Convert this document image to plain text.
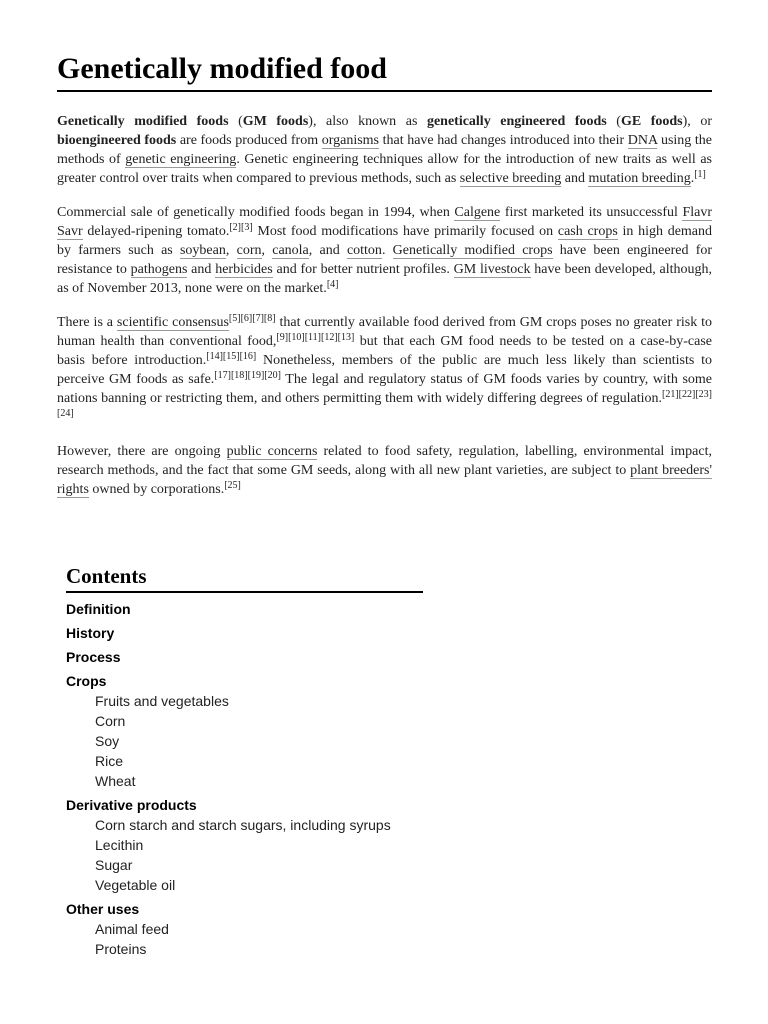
Genetically modified food

Genetically modified foods (GM foods), also known as genetically engineered foods (GE foods), or bioengineered foods are foods produced from organisms that have had changes introduced into their DNA using the methods of genetic engineering. Genetic engineering techniques allow for the introduction of new traits as well as greater control over traits when compared to previous methods, such as selective breeding and mutation breeding.[1]

Commercial sale of genetically modified foods began in 1994, when Calgene first marketed its unsuccessful Flavr Savr delayed-ripening tomato.[2][3] Most food modifications have primarily focused on cash crops in high demand by farmers such as soybean, corn, canola, and cotton. Genetically modified crops have been engineered for resistance to pathogens and herbicides and for better nutrient profiles. GM livestock have been developed, although, as of November 2013, none were on the market.[4]

There is a scientific consensus[5][6][7][8] that currently available food derived from GM crops poses no greater risk to human health than conventional food,[9][10][11][12][13] but that each GM food needs to be tested on a case-by-case basis before introduction.[14][15][16] Nonetheless, members of the public are much less likely than scientists to perceive GM foods as safe.[17][18][19][20] The legal and regulatory status of GM foods varies by country, with some nations banning or restricting them, and others permitting them with widely differing degrees of regulation.[21][22][23][24]

However, there are ongoing public concerns related to food safety, regulation, labelling, environmental impact, research methods, and the fact that some GM seeds, along with all new plant varieties, are subject to plant breeders' rights owned by corporations.[25]

Contents
Definition
History
Process
Crops
Fruits and vegetables
Corn
Soy
Rice
Wheat
Derivative products
Corn starch and starch sugars, including syrups
Lecithin
Sugar
Vegetable oil
Other uses
Animal feed
Proteins
